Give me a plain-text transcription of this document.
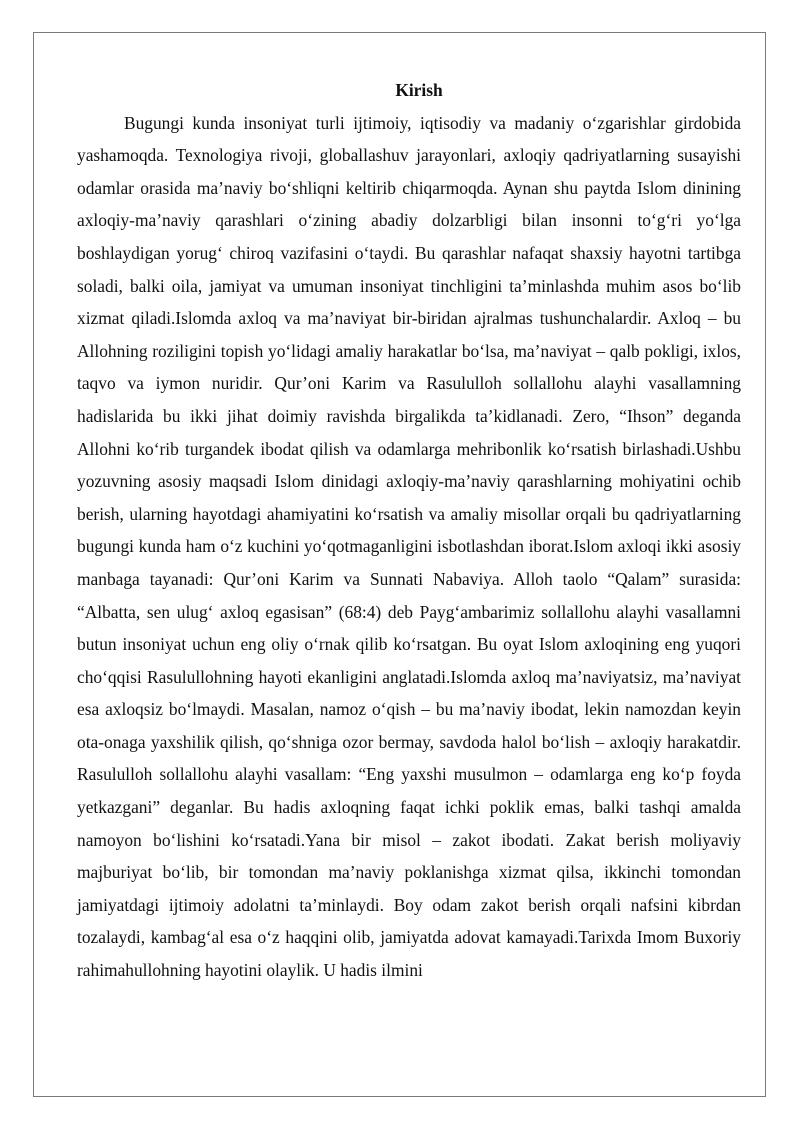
Kirish

Bugungi kunda insoniyat turli ijtimoiy, iqtisodiy va madaniy o‘zgarishlar girdobida yashamoqda. Texnologiya rivoji, globallashuv jarayonlari, axloqiy qadriyatlarning susayishi odamlar orasida ma’naviy bo‘shliqni keltirib chiqarmoqda. Aynan shu paytda Islom dinining axloqiy-ma’naviy qarashlari o‘zining abadiy dolzarbligi bilan insonni to‘g‘ri yo‘lga boshlaydigan yorug‘ chiroq vazifasini o‘taydi. Bu qarashlar nafaqat shaxsiy hayotni tartibga soladi, balki oila, jamiyat va umuman insoniyat tinchligini ta’minlashda muhim asos bo‘lib xizmat qiladi.Islomda axloq va ma’naviyat bir-biridan ajralmas tushunchalardir. Axloq – bu Allohning roziligini topish yo‘lidagi amaliy harakatlar bo‘lsa, ma’naviyat – qalb pokligi, ixlos, taqvo va iymon nuridir. Qur’oni Karim va Rasululloh sollallohu alayhi vasallamning hadislarida bu ikki jihat doimiy ravishda birgalikda ta’kidlanadi. Zero, “Ihson” deganda Allohni ko‘rib turgandek ibodat qilish va odamlarga mehribonlik ko‘rsatish birlashadi.Ushbu yozuvning asosiy maqsadi Islom dinidagi axloqiy-ma’naviy qarashlarning mohiyatini ochib berish, ularning hayotdagi ahamiyatini ko‘rsatish va amaliy misollar orqali bu qadriyatlarning bugungi kunda ham o‘z kuchini yo‘qotmaganligini isbotlashdan iborat.Islom axloqi ikki asosiy manbaga tayanadi: Qur’oni Karim va Sunnati Nabaviya. Alloh taolo “Qalam” surasida: “Albatta, sen ulug‘ axloq egasisan” (68:4) deb Payg‘ambarimiz sollallohu alayhi vasallamni butun insoniyat uchun eng oliy o‘rnak qilib ko‘rsatgan. Bu oyat Islom axloqining eng yuqori cho‘qqisi Rasulullohning hayoti ekanligini anglatadi.Islomda axloq ma’naviyatsiz, ma’naviyat esa axloqsiz bo‘lmaydi. Masalan, namoz o‘qish – bu ma’naviy ibodat, lekin namozdan keyin ota-onaga yaxshilik qilish, qo‘shniga ozor bermay, savdoda halol bo‘lish – axloqiy harakatdir. Rasululloh sollallohu alayhi vasallam: “Eng yaxshi musulmon – odamlarga eng ko‘p foyda yetkazgani” deganlar. Bu hadis axloqning faqat ichki poklik emas, balki tashqi amalda namoyon bo‘lishini ko‘rsatadi.Yana bir misol – zakot ibodati. Zakat berish moliyaviy majburiyat bo‘lib, bir tomondan ma’naviy poklanishga xizmat qilsa, ikkinchi tomondan jamiyatdagi ijtimoiy adolatni ta’minlaydi. Boy odam zakot berish orqali nafsini kibrdan tozalaydi, kambag‘al esa o‘z haqqini olib, jamiyatda adovat kamayadi.Tarixda Imom Buxoriy rahimahullohning hayotini olaylik. U hadis ilmini
